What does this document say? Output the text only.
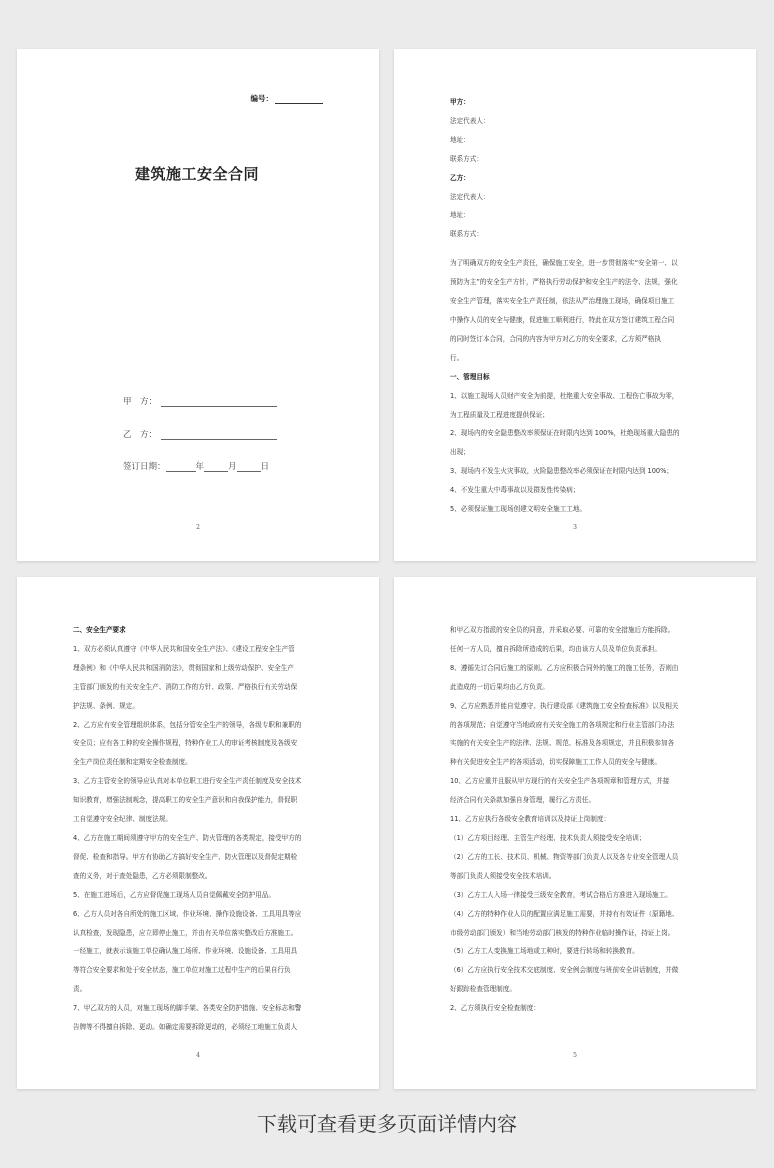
编号：
建筑施工安全合同
甲　方：
乙　方：
签订日期：	年	月	日
2

甲方：

法定代表人：

地址：

联系方式：

乙方：

法定代表人：

地址：

联系方式：

为了明确双方的安全生产责任，确保施工安全，进一步贯彻落实“安全第一、以

预防为主”的安全生产方针，严格执行劳动保护和安全生产的法令、法规，强化

安全生产管理，落实安全生产责任制，依法从严治理施工现场，确保项目施工

中操作人员的安全与健康，促进施工顺利进行，特此在双方签订建筑工程合同

的同时签订本合同，合同的内容为甲方对乙方的安全要求，乙方须严格执

行。

一、管理目标

1、以施工现场人员财产安全为前提，杜绝重大安全事故、工程伤亡事故为零，

为工程质量及工程进度提供保证；

2、现场内的安全隐患整改率须保证在时限内达到 100%，杜绝现场重大隐患的

出现；

3、现场内不发生火灾事故，火险隐患整改率必须保证在时限内达到 100%；

4、不发生重大中毒事故以及群发性传染病；

5、必须保证施工现场创建文明安全施工工地。

3

二、安全生产要求

1、双方必须认真遵守《中华人民共和国安全生产法》、《建设工程安全生产管

理条例》和《中华人民共和国消防法》，贯彻国家和上级劳动保护、安全生产

主管部门颁发的有关安全生产、消防工作的方针、政策、严格执行有关劳动保

护法规、条例、规定。

2、乙方应有安全管理组织体系，包括分管安全生产的领导，各级专职和兼职的

安全员；应有各工种的安全操作规程，特种作业工人的审证考核制度及各级安

全生产岗位责任制和定期安全检查制度。

3、乙方主管安全的领导应认真对本单位职工进行安全生产责任制度及安全技术

知识教育，增强法制观念，提高职工的安全生产意识和自我保护能力，督促职

工自觉遵守安全纪律、制度法规。

4、乙方在施工期间须遵守甲方的安全生产、防火管理的各类规定，接受甲方的

督促、检查和指导。甲方有协助乙方搞好安全生产、防火管理以及督促定期检

查的义务，对于查处隐患，乙方必须限制整改。

5、在施工进场后，乙方应督促施工现场人员自觉佩戴安全防护用品。

6、乙方人员对各自所处的施工区域、作业环境、操作设施设备、工具用具等应

认真检查，发现隐患，应立即停止施工，并由有关单位落实整改后方准施工。

一经施工，就表示该施工单位确认施工场所、作业环境、设施设备、工具用具

等符合安全要求和处于安全状态，施工单位对施工过程中生产的后果自行负

责。

7、甲乙双方的人员，对施工现场的脚手架、各类安全防护措施、安全标志和警

告牌等不得擅自拆除、更动。如确定需要拆除更动的，必须经工地施工负责人

4

和甲乙双方指派的安全员的同意，并采取必要、可靠的安全措施后方能拆除。

任何一方人员，擅自拆除所造成的后果，均由该方人员及单位负责承担。

8、遵循先订合同后施工的原则。乙方应积极合同外的施工的施工任务，否则由

此造成的一切后果均由乙方负责。

9、乙方应熟悉并能自觉遵守、执行建设部《建筑施工安全检查标准》以及相关

的各项规范；自觉遵守当地政府有关安全施工的各项规定和行业主管部门办法

实施的有关安全生产的法律、法规、规范、标准及各项规定，并且积极参加各

种有关促进安全生产的各项活动，切实保障施工工作人员的安全与健康。

10、乙方应重并且服从甲方现行的有关安全生产各项规章和管理方式，并接

经济合同有关条款加强自身管理，履行乙方责任。

11、乙方应执行各级安全教育培训以及持证上岗制度：

（1）乙方项目经理、主管生产经理、技术负责人须接受安全培训；

（2）乙方的工长、技术员、机械、物资等部门负责人以及各专业安全管理人员

等部门负责人须接受安全技术培训。

（3）乙方工人入场一律接受三级安全教育，考试合格后方准进入现场施工。

（4）乙方的特种作业人员的配置应满足施工需要，并持有有效证件（原籍地、

市级劳动部门颁发）和当地劳动部门核发的特种作业临时操作证，持证上岗。

（5）乙方工人变换施工场地或工种时，要进行转场和转换教育。

（6）乙方应执行安全技术交底制度、安全例会制度与班前安全讲话制度，并做

好跟踪检查管理制度。

2、乙方须执行安全检查制度：

5
下载可查看更多页面详情内容
